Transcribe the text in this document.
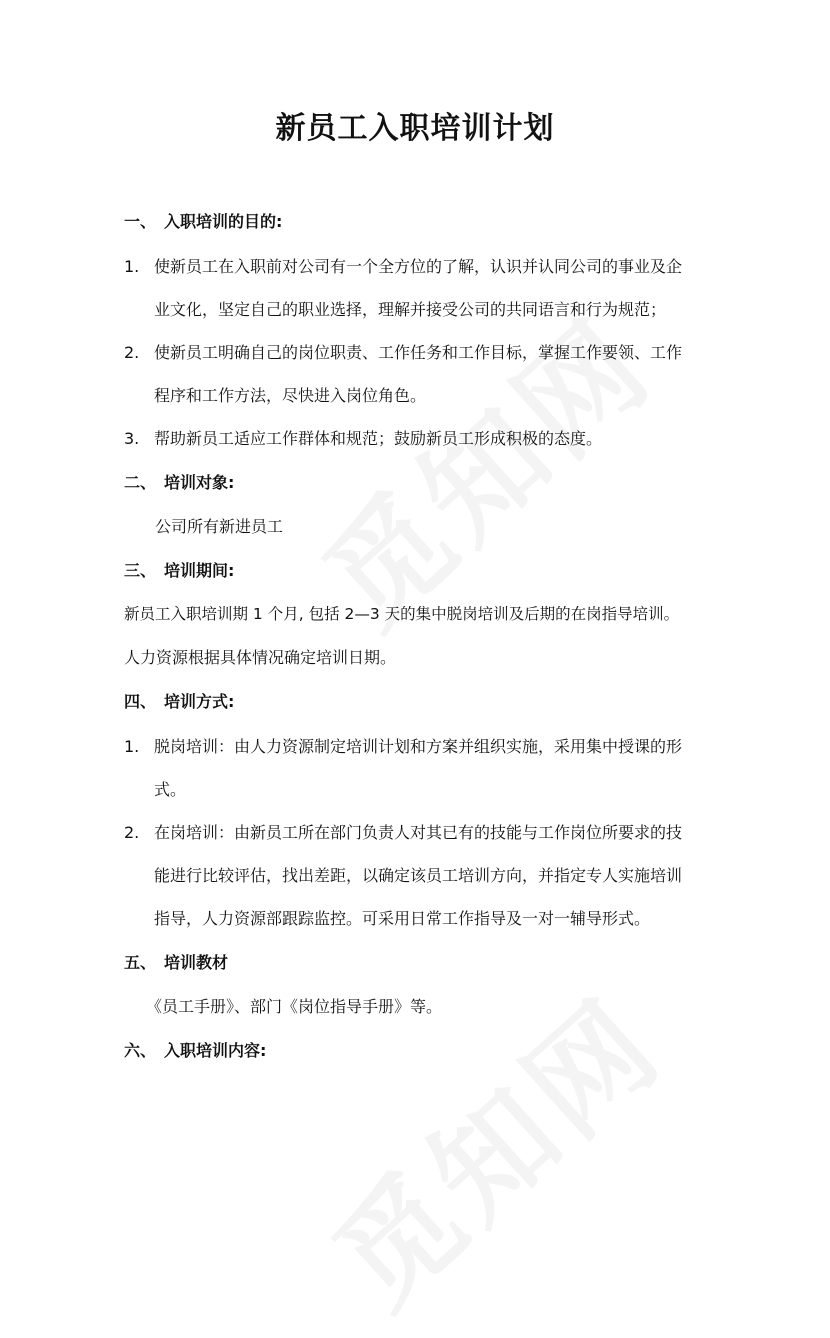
新员工入职培训计划
一、 入职培训的目的:
1. 使新员工在入职前对公司有一个全方位的了解，认识并认同公司的事业及企
业文化，坚定自己的职业选择，理解并接受公司的共同语言和行为规范；
2. 使新员工明确自己的岗位职责、工作任务和工作目标，掌握工作要领、工作
程序和工作方法，尽快进入岗位角色。
3. 帮助新员工适应工作群体和规范；鼓励新员工形成积极的态度。
二、 培训对象:
公司所有新进员工
三、 培训期间:
新员工入职培训期 1 个月, 包括 2—3 天的集中脱岗培训及后期的在岗指导培训。
人力资源根据具体情况确定培训日期。
四、 培训方式:
1. 脱岗培训：由人力资源制定培训计划和方案并组织实施，采用集中授课的形
式。
2. 在岗培训：由新员工所在部门负责人对其已有的技能与工作岗位所要求的技
能进行比较评估，找出差距，以确定该员工培训方向，并指定专人实施培训
指导，人力资源部跟踪监控。可采用日常工作指导及一对一辅导形式。
五、 培训教材
《员工手册》、部门《岗位指导手册》等。
六、 入职培训内容:
